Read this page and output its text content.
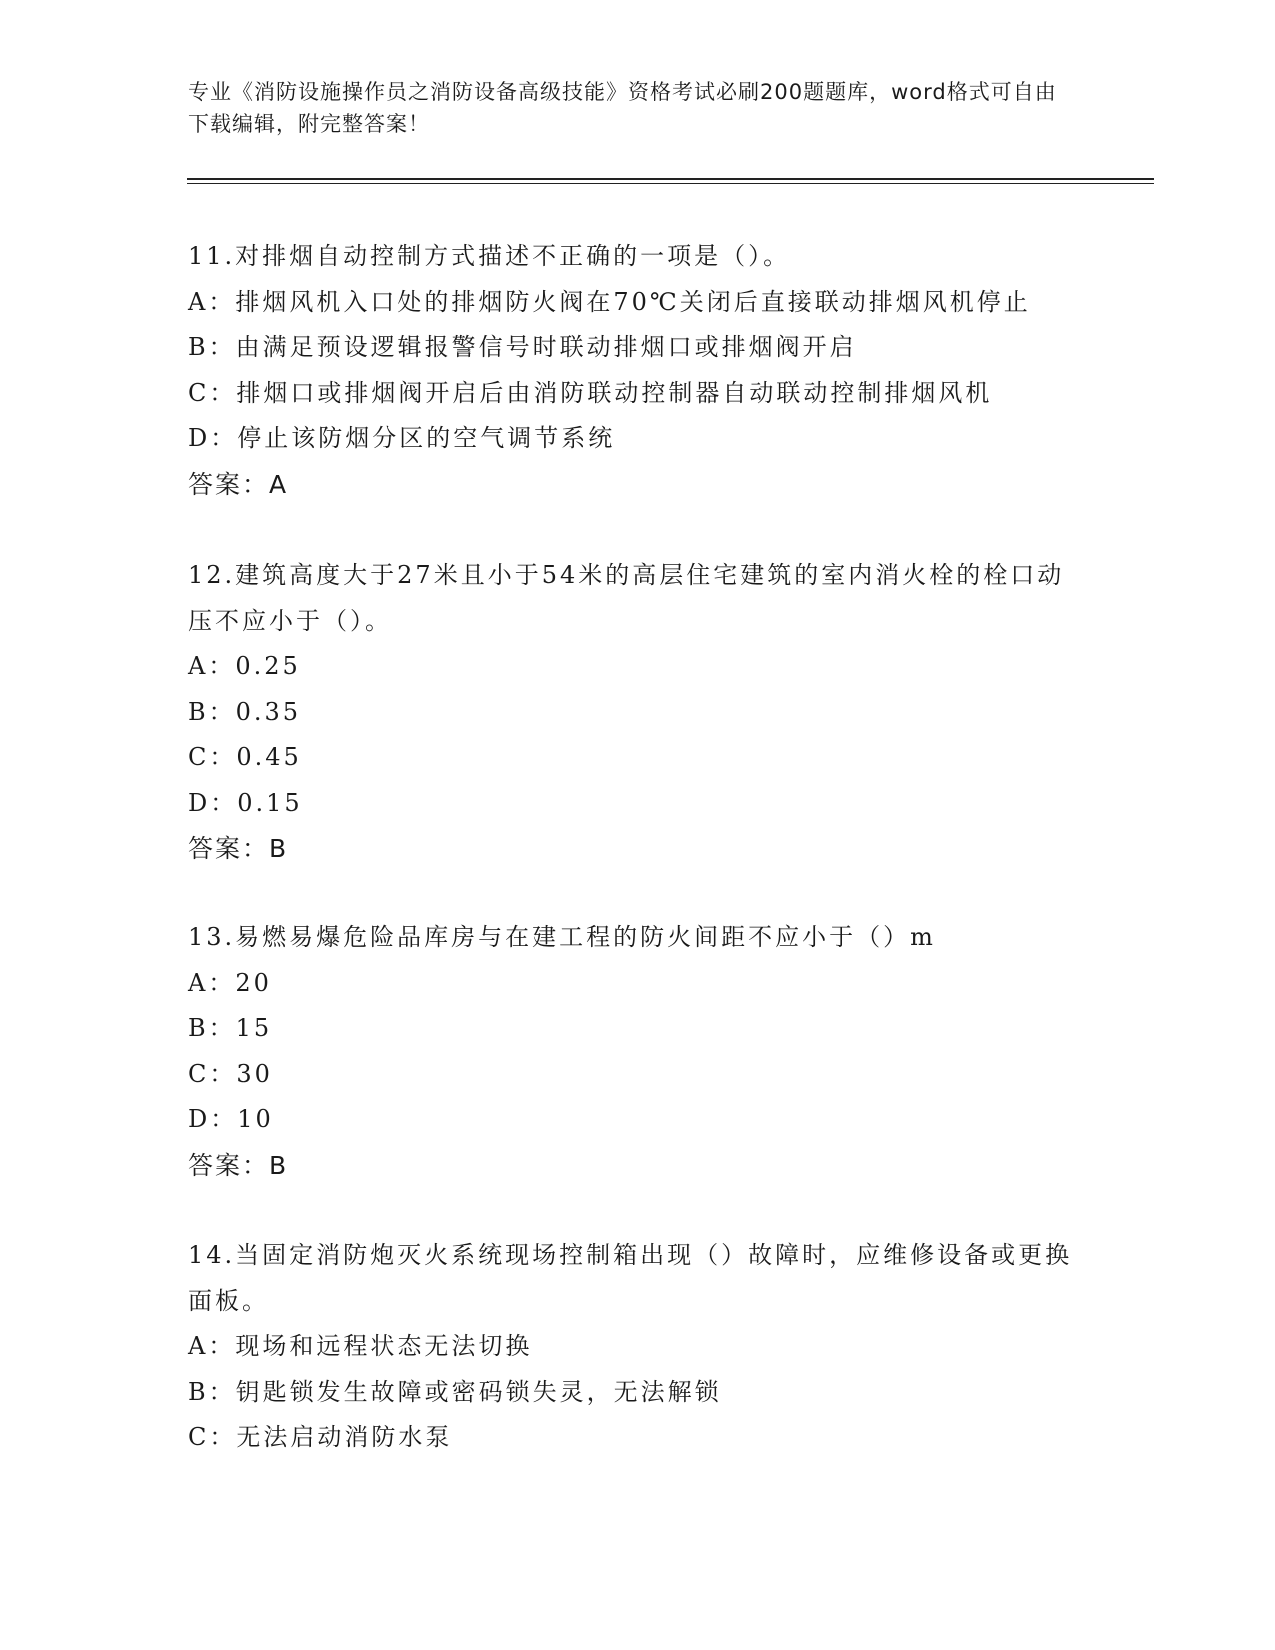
专业《消防设施操作员之消防设备高级技能》资格考试必刷200题题库，word格式可自由下载编辑，附完整答案！
11.对排烟自动控制方式描述不正确的一项是（）。
A：排烟风机入口处的排烟防火阀在70℃关闭后直接联动排烟风机停止
B：由满足预设逻辑报警信号时联动排烟口或排烟阀开启
C：排烟口或排烟阀开启后由消防联动控制器自动联动控制排烟风机
D：停止该防烟分区的空气调节系统
答案：A
12.建筑高度大于27米且小于54米的高层住宅建筑的室内消火栓的栓口动压不应小于（）。
A：0.25
B：0.35
C：0.45
D：0.15
答案：B
13.易燃易爆危险品库房与在建工程的防火间距不应小于（）m
A：20
B：15
C：30
D：10
答案：B
14.当固定消防炮灭火系统现场控制箱出现（）故障时，应维修设备或更换面板。
A：现场和远程状态无法切换
B：钥匙锁发生故障或密码锁失灵，无法解锁
C：无法启动消防水泵
